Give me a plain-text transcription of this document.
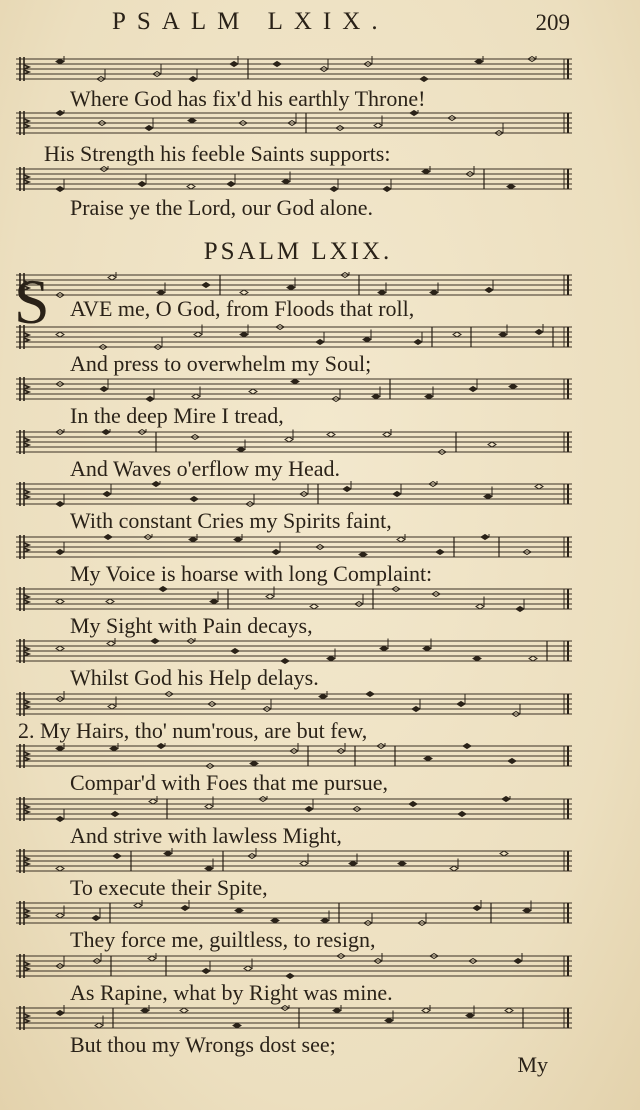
PSALM LXIX.	209
Where God has fix'd his earthly Throne!
His Strength his feeble Saints supports:
Praise ye the Lord, our God alone.
AVE me, O God, from Floods that roll,
And press to overwhelm my Soul;
In the deep Mire I tread,
And Waves o'erflow my Head.
With constant Cries my Spirits faint,
My Voice is hoarse with long Complaint:
My Sight with Pain decays,
Whilst God his Help delays.
2. My Hairs, tho' num'rous, are but few,
Compar'd with Foes that me pursue,
And strive with lawless Might,
To execute their Spite,
They force me, guiltless, to resign,
As Rapine, what by Right was mine.
But thou my Wrongs dost see;
PSALM LXIX.
S
My
